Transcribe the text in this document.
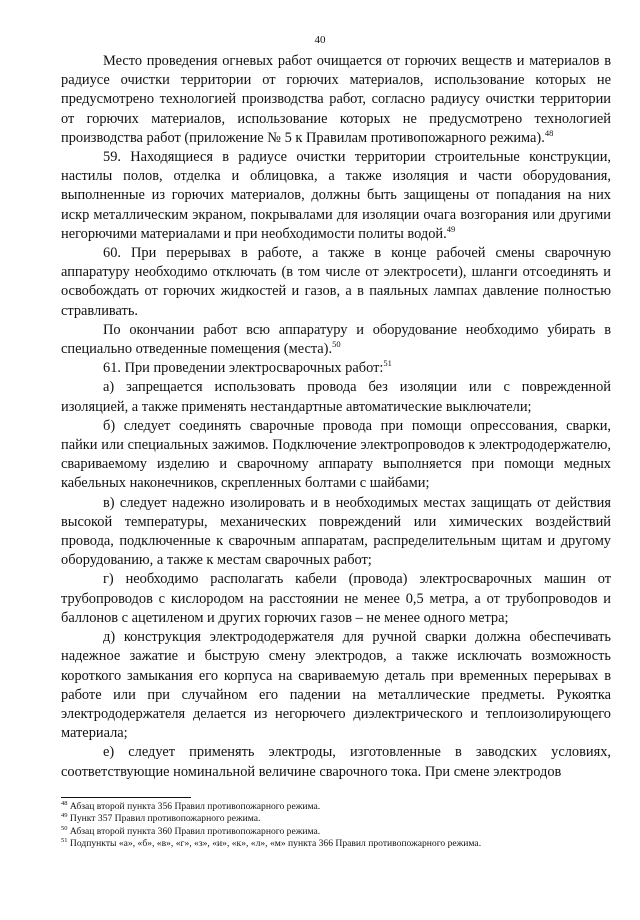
40

Место проведения огневых работ очищается от горючих веществ и материалов в радиусе очистки территории от горючих материалов, использование которых не предусмотрено технологией производства работ, согласно радиусу очистки территории от горючих материалов, использование которых не предусмотрено технологией производства работ (приложение № 5 к Правилам противопожарного режима).$^{48}$

59. Находящиеся в радиусе очистки территории строительные конструкции, настилы полов, отделка и облицовка, а также изоляция и части оборудования, выполненные из горючих материалов, должны быть защищены от попадания на них искр металлическим экраном, покрывалами для изоляции очага возгорания или другими негорючими материалами и при необходимости политы водой.$^{49}$

60. При перерывах в работе, а также в конце рабочей смены сварочную аппаратуру необходимо отключать (в том числе от электросети), шланги отсоединять и освобождать от горючих жидкостей и газов, а в паяльных лампах давление полностью стравливать.

По окончании работ всю аппаратуру и оборудование необходимо убирать в специально отведенные помещения (места).$^{50}$

61. При проведении электросварочных работ:$^{51}$

а) запрещается использовать провода без изоляции или с поврежденной изоляцией, а также применять нестандартные автоматические выключатели;

б) следует соединять сварочные провода при помощи опрессования, сварки, пайки или специальных зажимов. Подключение электропроводов к электрододержателю, свариваемому изделию и сварочному аппарату выполняется при помощи медных кабельных наконечников, скрепленных болтами с шайбами;

в) следует надежно изолировать и в необходимых местах защищать от действия высокой температуры, механических повреждений или химических воздействий провода, подключенные к сварочным аппаратам, распределительным щитам и другому оборудованию, а также к местам сварочных работ;

г) необходимо располагать кабели (провода) электросварочных машин от трубопроводов с кислородом на расстоянии не менее 0,5 метра, а от трубопроводов и баллонов с ацетиленом и других горючих газов – не менее одного метра;

д) конструкция электрододержателя для ручной сварки должна обеспечивать надежное зажатие и быструю смену электродов, а также исключать возможность короткого замыкания его корпуса на свариваемую деталь при временных перерывах в работе или при случайном его падении на металлические предметы. Рукоятка электрододержателя делается из негорючего диэлектрического и теплоизолирующего материала;

е) следует применять электроды, изготовленные в заводских условиях, соответствующие номинальной величине сварочного тока. При смене электродов

$^{48}$ Абзац второй пункта 356 Правил противопожарного режима.

$^{49}$ Пункт 357 Правил противопожарного режима.

$^{50}$ Абзац второй пункта 360 Правил противопожарного режима.

$^{51}$ Подпункты «а», «б», «в», «г», «з», «и», «к», «л», «м» пункта 366 Правил противопожарного режима.
